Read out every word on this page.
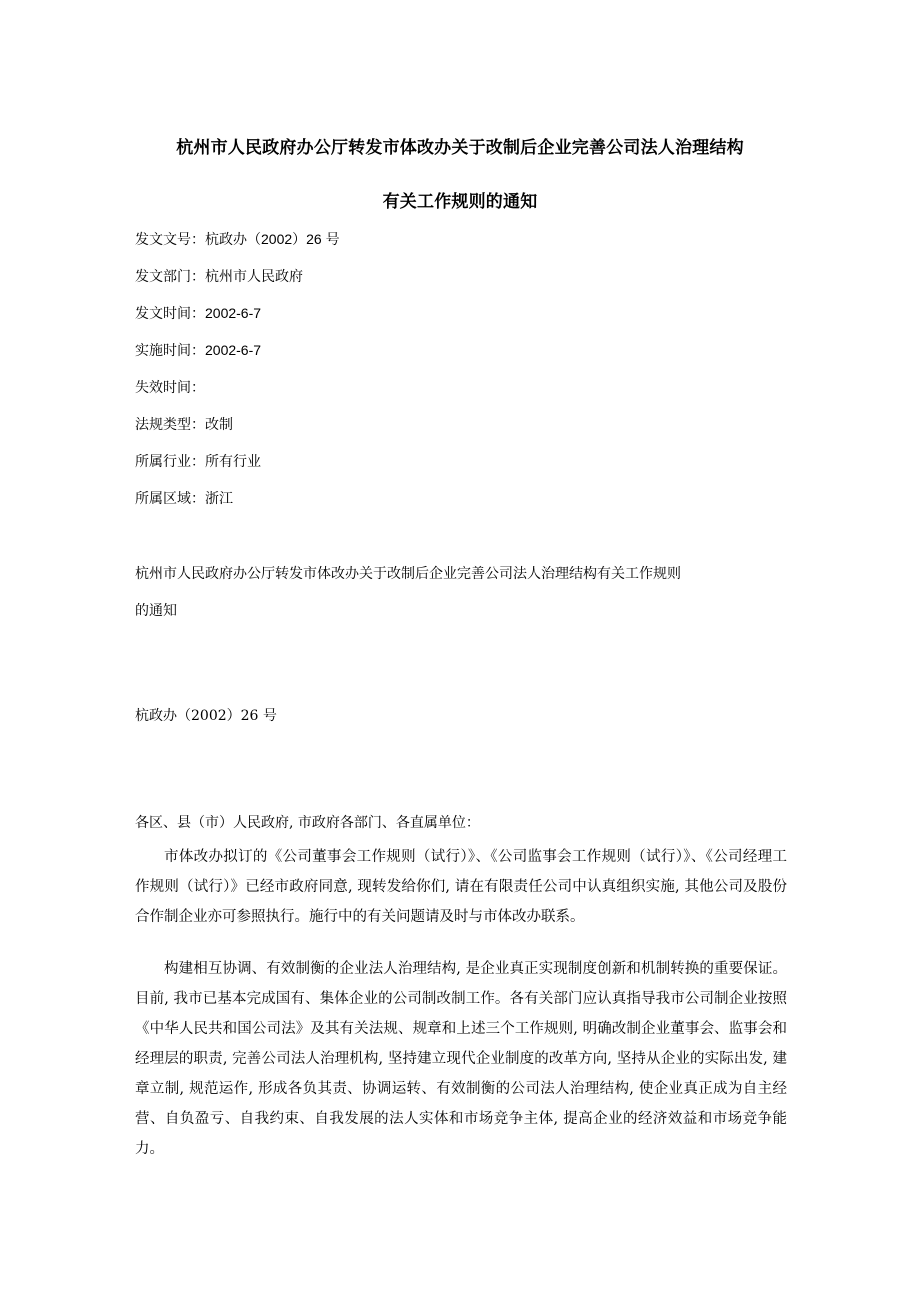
杭州市人民政府办公厅转发市体改办关于改制后企业完善公司法人治理结构
有关工作规则的通知
发文文号：杭政办（2002）26 号
发文部门：杭州市人民政府
发文时间：2002-6-7
实施时间：2002-6-7
失效时间：
法规类型：改制
所属行业：所有行业
所属区域：浙江
杭州市人民政府办公厅转发市体改办关于改制后企业完善公司法人治理结构有关工作规则
的通知
杭政办（2002）26 号
各区、县（市）人民政府, 市政府各部门、各直属单位：
市体改办拟订的《公司董事会工作规则（试行）》、《公司监事会工作规则（试行）》、《公司经理工作规则（试行）》已经市政府同意, 现转发给你们, 请在有限责任公司中认真组织实施, 其他公司及股份合作制企业亦可参照执行。施行中的有关问题请及时与市体改办联系。
构建相互协调、有效制衡的企业法人治理结构, 是企业真正实现制度创新和机制转换的重要保证。目前, 我市已基本完成国有、集体企业的公司制改制工作。各有关部门应认真指导我市公司制企业按照《中华人民共和国公司法》及其有关法规、规章和上述三个工作规则, 明确改制企业董事会、监事会和经理层的职责, 完善公司法人治理机构, 坚持建立现代企业制度的改革方向, 坚持从企业的实际出发, 建章立制, 规范运作, 形成各负其责、协调运转、有效制衡的公司法人治理结构, 使企业真正成为自主经营、自负盈亏、自我约束、自我发展的法人实体和市场竞争主体, 提高企业的经济效益和市场竞争能力。
